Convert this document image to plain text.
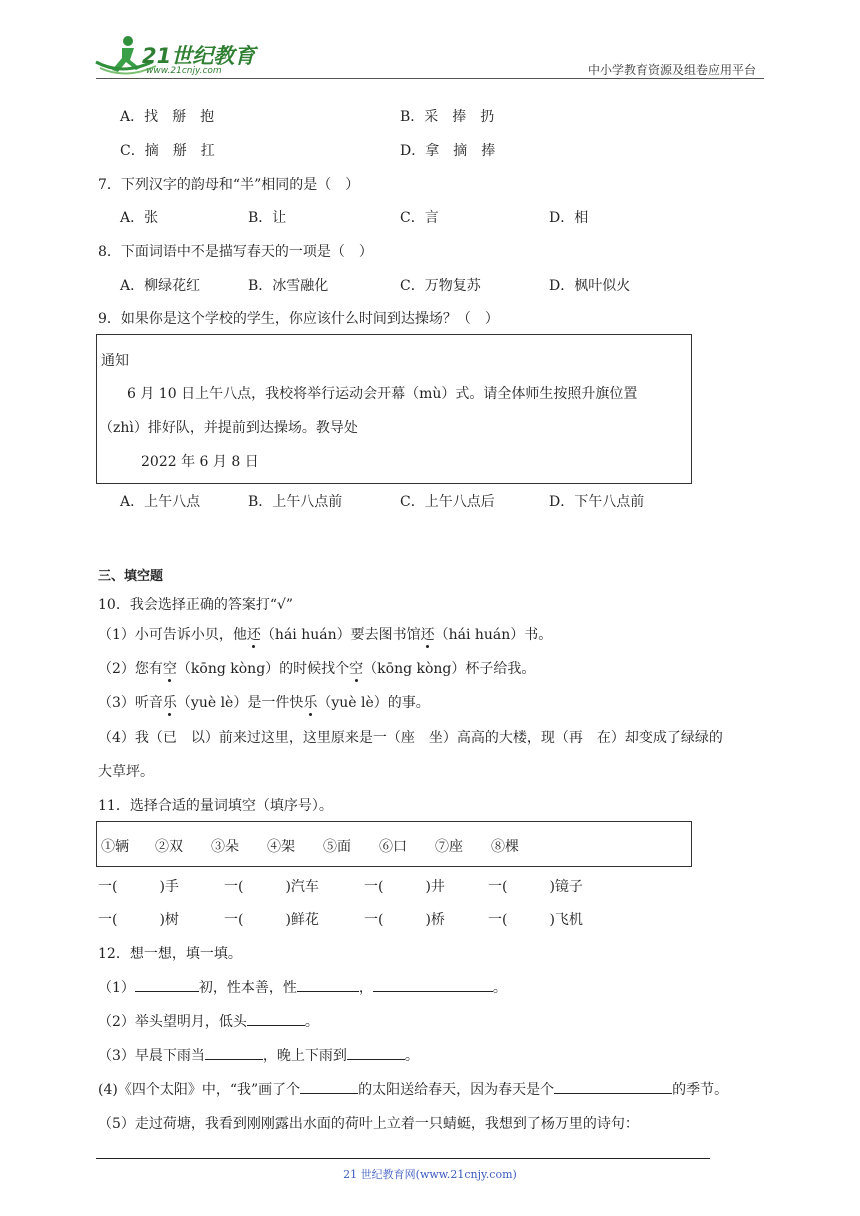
21世纪教育
www.21cnjy.com	中小学教育资源及组卷应用平台
A．找　掰　抱	B．采　捧　扔
C．摘　掰　扛	D．拿　摘　捧
7．下列汉字的韵母和“半”相同的是（　）
A．张	B．让	C．言	D．相
8．下面词语中不是描写春天的一项是（　）
A．柳绿花红	B．冰雪融化	C．万物复苏	D．枫叶似火
9．如果你是这个学校的学生，你应该什么时间到达操场？（　）
通知
6 月 10 日上午八点，我校将举行运动会开幕（mù）式。请全体师生按照升旗位置
（zhì）排好队，并提前到达操场。教导处
2022 年 6 月 8 日
A．上午八点	B．上午八点前	C．上午八点后	D．下午八点前
三、填空题
10．我会选择正确的答案打“√”
（1）小可告诉小贝，他还（hái huán）要去图书馆还（hái huán）书。
（2）您有空（kōng kòng）的时候找个空（kōng kòng）杯子给我。
（3）听音乐（yuè lè）是一件快乐（yuè lè）的事。
（4）我（已　以）前来过这里，这里原来是一（座　坐）高高的大楼，现（再　在）却变成了绿绿的
大草坪。
11．选择合适的量词填空（填序号）。
①辆 ②双 ③朵 ④架 ⑤面 ⑥口 ⑦座 ⑧棵
一(　　　)手	一(　　　)汽车	一(　　　)井	一(　　　)镜子
一(　　　)树	一(　　　)鲜花	一(　　　)桥	一(　　　)飞机
12．想一想，填一填。
（1）	初，性本善，性	，	。
（2）举头望明月，低头	。
（3）早晨下雨当	，晚上下雨到	。
(4)《四个太阳》中，“我”画了个	的太阳送给春天，因为春天是个	的季节。
（5）走过荷塘，我看到刚刚露出水面的荷叶上立着一只蜻蜓，我想到了杨万里的诗句：
21 世纪教育网(www.21cnjy.com)
